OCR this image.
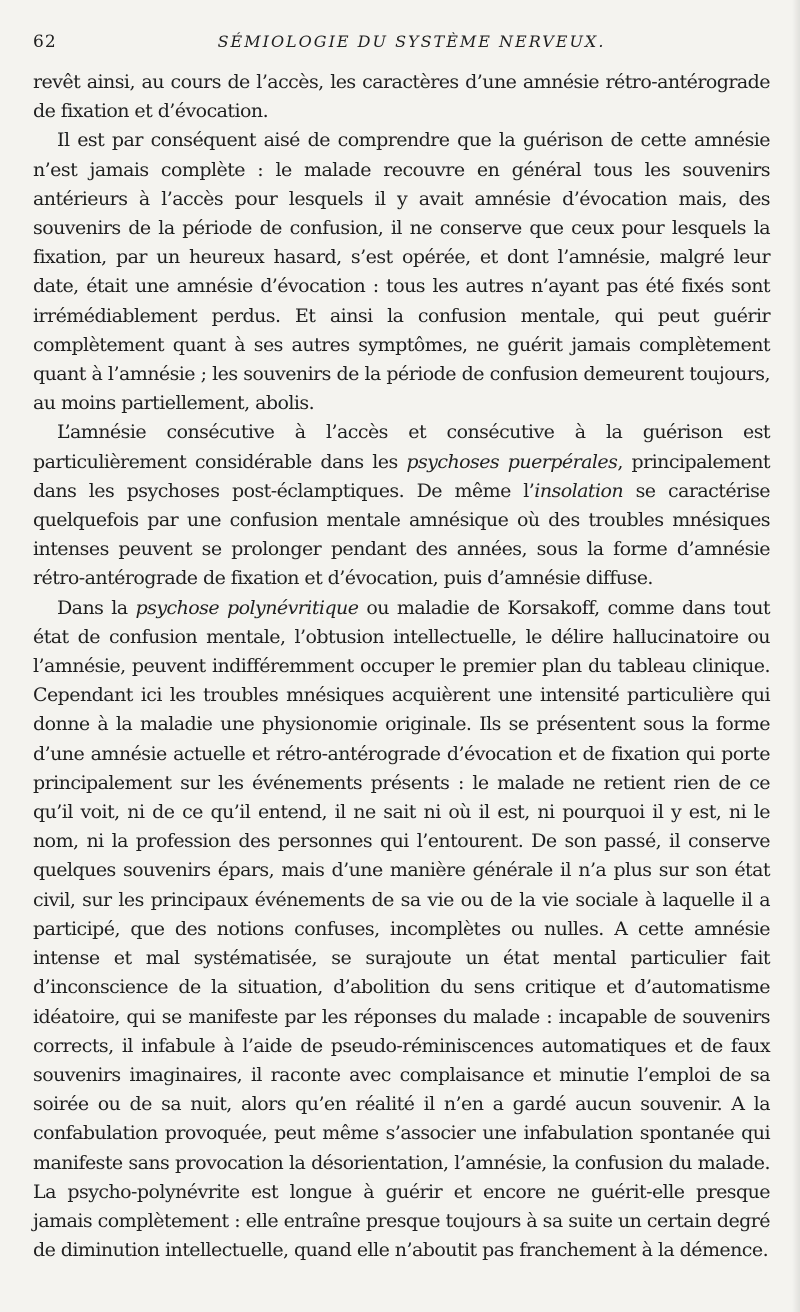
62	SÉMIOLOGIE DU SYSTÈME NERVEUX.

revêt ainsi, au cours de l’accès, les caractères d’une amnésie rétro-antérograde de fixation et d’évocation.

Il est par conséquent aisé de comprendre que la guérison de cette amnésie n’est jamais complète : le malade recouvre en général tous les souvenirs antérieurs à l’accès pour lesquels il y avait amnésie d’évocation mais, des souvenirs de la période de confusion, il ne conserve que ceux pour lesquels la fixation, par un heureux hasard, s’est opérée, et dont l’amnésie, malgré leur date, était une amnésie d’évocation : tous les autres n’ayant pas été fixés sont irrémédiablement perdus. Et ainsi la confusion mentale, qui peut guérir complètement quant à ses autres symptômes, ne guérit jamais complètement quant à l’amnésie ; les souvenirs de la période de confusion demeurent toujours, au moins partiellement, abolis.

L’amnésie consécutive à l’accès et consécutive à la guérison est particulièrement considérable dans les psychoses puerpérales, principalement dans les psychoses post-éclamptiques. De même l’insolation se caractérise quelquefois par une confusion mentale amnésique où des troubles mnésiques intenses peuvent se prolonger pendant des années, sous la forme d’amnésie rétro-antérograde de fixation et d’évocation, puis d’amnésie diffuse.

Dans la psychose polynévritique ou maladie de Korsakoff, comme dans tout état de confusion mentale, l’obtusion intellectuelle, le délire hallucinatoire ou l’amnésie, peuvent indifféremment occuper le premier plan du tableau clinique. Cependant ici les troubles mnésiques acquièrent une intensité particulière qui donne à la maladie une physionomie originale. Ils se présentent sous la forme d’une amnésie actuelle et rétro-antérograde d’évocation et de fixation qui porte principalement sur les événements présents : le malade ne retient rien de ce qu’il voit, ni de ce qu’il entend, il ne sait ni où il est, ni pourquoi il y est, ni le nom, ni la profession des personnes qui l’entourent. De son passé, il conserve quelques souvenirs épars, mais d’une manière générale il n’a plus sur son état civil, sur les principaux événements de sa vie ou de la vie sociale à laquelle il a participé, que des notions confuses, incomplètes ou nulles. A cette amnésie intense et mal systématisée, se surajoute un état mental particulier fait d’inconscience de la situation, d’abolition du sens critique et d’automatisme idéatoire, qui se manifeste par les réponses du malade : incapable de souvenirs corrects, il infabule à l’aide de pseudo-réminiscences automatiques et de faux souvenirs imaginaires, il raconte avec complaisance et minutie l’emploi de sa soirée ou de sa nuit, alors qu’en réalité il n’en a gardé aucun souvenir. A la confabulation provoquée, peut même s’associer une infabulation spontanée qui manifeste sans provocation la désorientation, l’amnésie, la confusion du malade. La psycho-polynévrite est longue à guérir et encore ne guérit-elle presque jamais complètement : elle entraîne presque toujours à sa suite un certain degré de diminution intellectuelle, quand elle n’aboutit pas franchement à la démence.
